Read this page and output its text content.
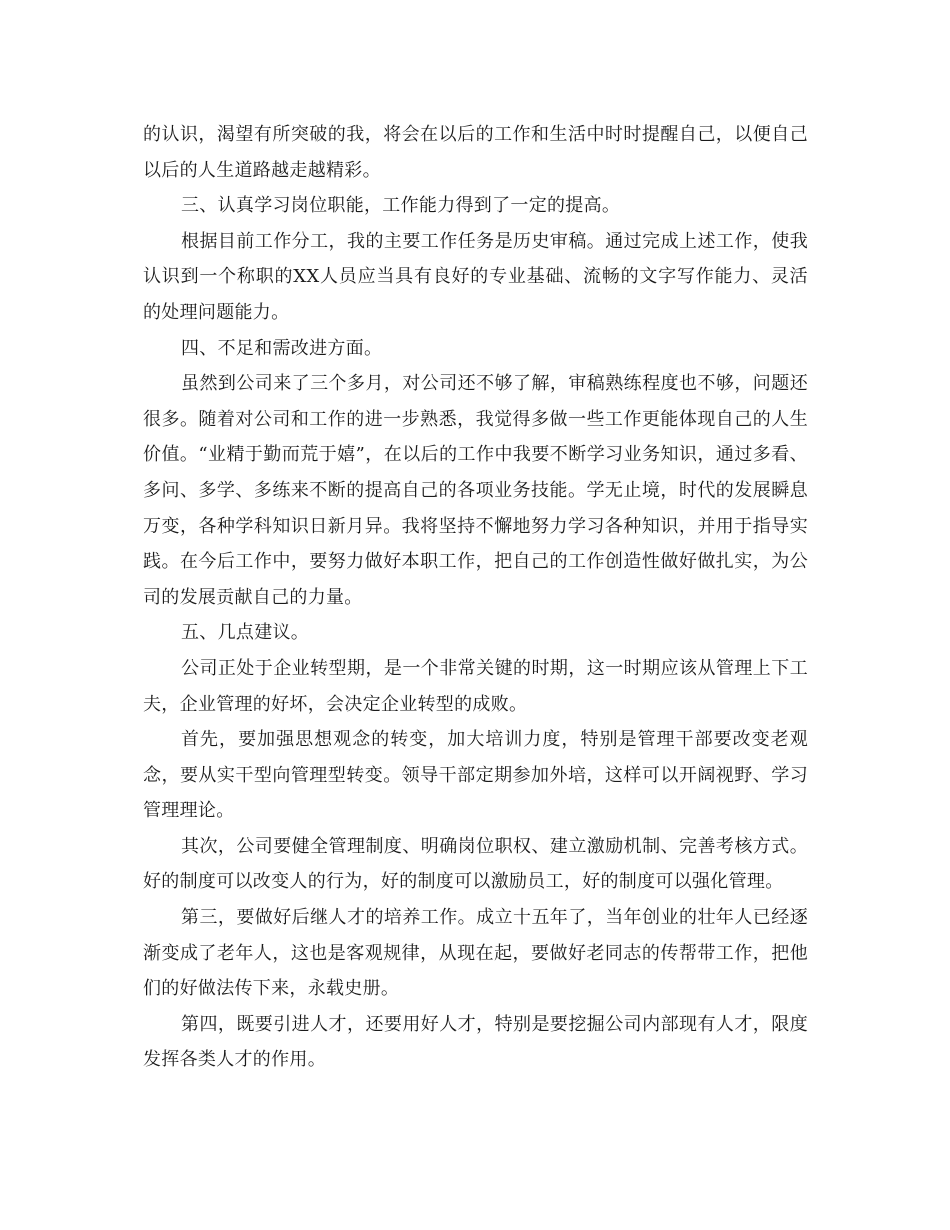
的认识，渴望有所突破的我，将会在以后的工作和生活中时时提醒自己，以便自己以后的人生道路越走越精彩。

三、认真学习岗位职能，工作能力得到了一定的提高。

根据目前工作分工，我的主要工作任务是历史审稿。通过完成上述工作，使我认识到一个称职的XX人员应当具有良好的专业基础、流畅的文字写作能力、灵活的处理问题能力。

四、不足和需改进方面。

虽然到公司来了三个多月，对公司还不够了解，审稿熟练程度也不够，问题还很多。随着对公司和工作的进一步熟悉，我觉得多做一些工作更能体现自己的人生价值。“业精于勤而荒于嬉”，在以后的工作中我要不断学习业务知识，通过多看、多问、多学、多练来不断的提高自己的各项业务技能。学无止境，时代的发展瞬息万变，各种学科知识日新月异。我将坚持不懈地努力学习各种知识，并用于指导实践。在今后工作中，要努力做好本职工作，把自己的工作创造性做好做扎实，为公司的发展贡献自己的力量。

五、几点建议。

公司正处于企业转型期，是一个非常关键的时期，这一时期应该从管理上下工夫，企业管理的好坏，会决定企业转型的成败。

首先，要加强思想观念的转变，加大培训力度，特别是管理干部要改变老观念，要从实干型向管理型转变。领导干部定期参加外培，这样可以开阔视野、学习管理理论。

其次，公司要健全管理制度、明确岗位职权、建立激励机制、完善考核方式。好的制度可以改变人的行为，好的制度可以激励员工，好的制度可以强化管理。

第三，要做好后继人才的培养工作。成立十五年了，当年创业的壮年人已经逐渐变成了老年人，这也是客观规律，从现在起，要做好老同志的传帮带工作，把他们的好做法传下来，永载史册。

第四，既要引进人才，还要用好人才，特别是要挖掘公司内部现有人才，限度发挥各类人才的作用。
